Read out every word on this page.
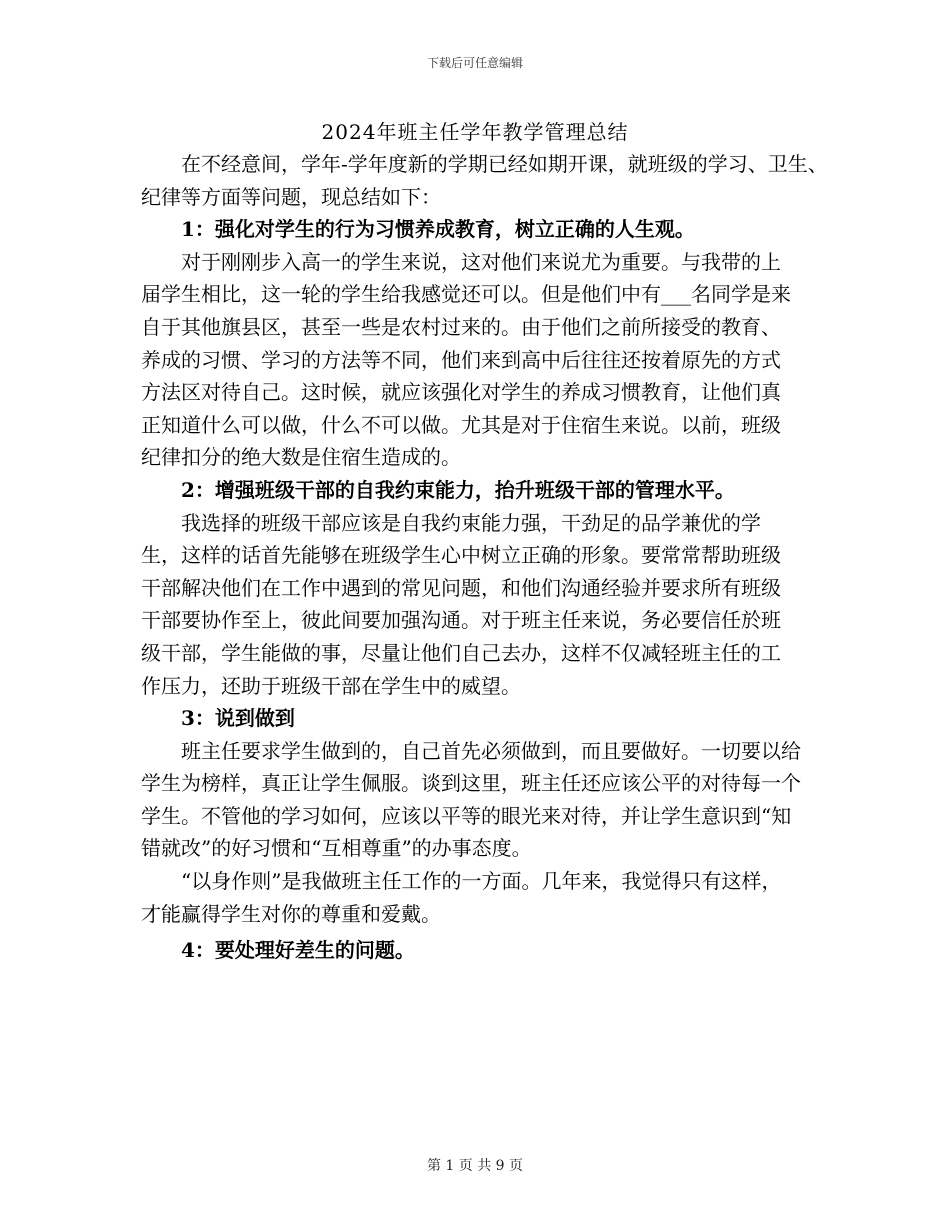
下载后可任意编辑
2024年班主任学年教学管理总结

在不经意间，学年-学年度新的学期已经如期开课，就班级的学习、卫生、纪律等方面等问题，现总结如下：

1：强化对学生的行为习惯养成教育，树立正确的人生观。

对于刚刚步入高一的学生来说，这对他们来说尤为重要。与我带的上届学生相比，这一轮的学生给我感觉还可以。但是他们中有___名同学是来自于其他旗县区，甚至一些是农村过来的。由于他们之前所接受的教育、养成的习惯、学习的方法等不同，他们来到高中后往往还按着原先的方式方法区对待自己。这时候，就应该强化对学生的养成习惯教育，让他们真正知道什么可以做，什么不可以做。尤其是对于住宿生来说。以前，班级纪律扣分的绝大数是住宿生造成的。

2：增强班级干部的自我约束能力，抬升班级干部的管理水平。

我选择的班级干部应该是自我约束能力强，干劲足的品学兼优的学生，这样的话首先能够在班级学生心中树立正确的形象。要常常帮助班级干部解决他们在工作中遇到的常见问题，和他们沟通经验并要求所有班级干部要协作至上，彼此间要加强沟通。对于班主任来说，务必要信任於班级干部，学生能做的事，尽量让他们自己去办，这样不仅减轻班主任的工作压力，还助于班级干部在学生中的威望。

3：说到做到

班主任要求学生做到的，自己首先必须做到，而且要做好。一切要以给学生为榜样，真正让学生佩服。谈到这里，班主任还应该公平的对待每一个学生。不管他的学习如何，应该以平等的眼光来对待，并让学生意识到“知错就改”的好习惯和“互相尊重”的办事态度。

“以身作则”是我做班主任工作的一方面。几年来，我觉得只有这样，才能赢得学生对你的尊重和爱戴。

4：要处理好差生的问题。

第 1 页 共 9 页
